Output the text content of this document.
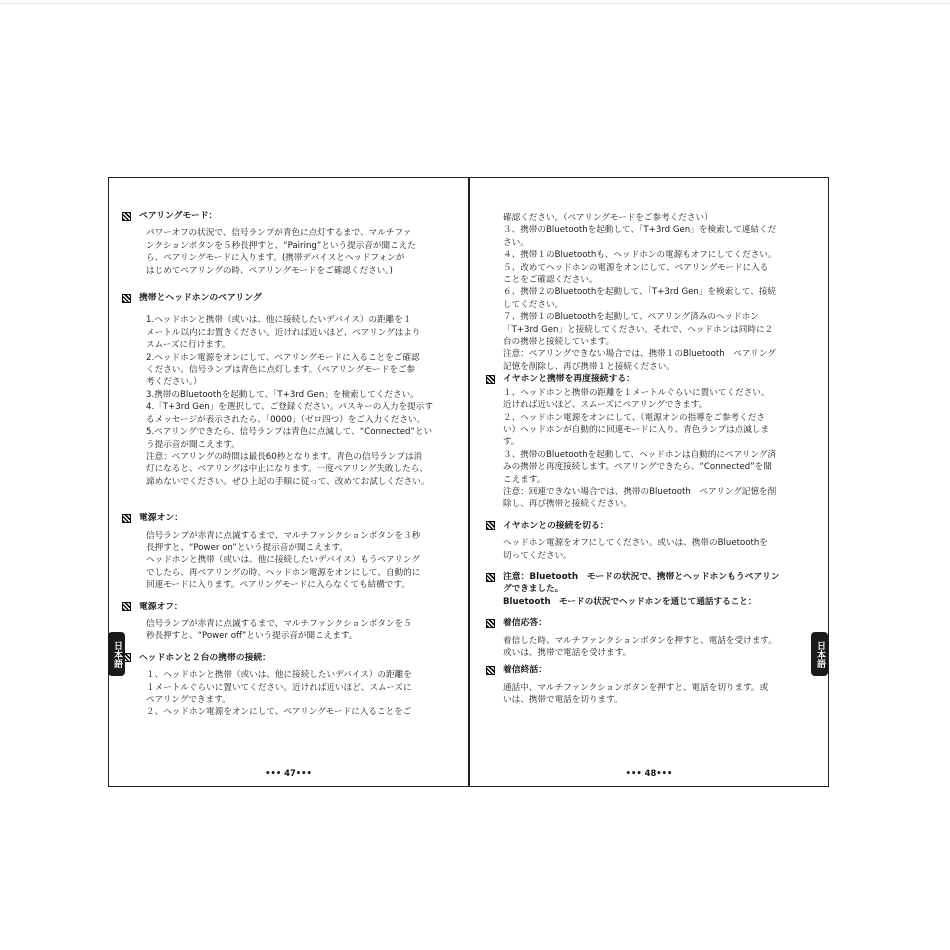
ペアリングモード：

パワーオフの状況で、信号ランプが青色に点灯するまで、マルチファ

ンクションボタンを５秒長押すと、“Pairing”という提示音が聞こえた

ら、ペアリングモードに入ります。(携帯デバイスとヘッドフォンが

はじめてペアリングの時、ペアリングモードをご確認ください。)

携帯とヘッドホンのペアリング

1.ヘッドホンと携帯（或いは、他に接続したいデバイス）の距離を１

メートル以内にお置きください。近ければ近いほど、ペアリングはより

スムーズに行けます。

2.ヘッドホン電源をオンにして、ペアリングモードに入ることをご確認

ください。信号ランプは青色に点灯します。（ペアリングモードをご参

考ください。）

3.携帯のBluetoothを起動して、「T+3rd Gen」を検索してください。

4.「T+3rd Gen」を選択して、ご登録ください。パスキーの入力を提示す

るメッセージが表示されたら、「0000」（ゼロ四つ）をご入力ください。

5.ペアリングできたら、信号ランプは青色に点滅して、“Connected”とい

う提示音が聞こえます。

注意：ペアリングの時間は最長60秒となります。青色の信号ランプは消

灯になると、ペアリングは中止になります。一度ペアリング失敗したら、

諦めないでください。ぜひ上記の手順に従って、改めてお試しください。

電源オン：

信号ランプが赤青に点滅するまで、マルチファンクションボタンを３秒

長押すと、“Power on”という提示音が聞こえます。

ヘッドホンと携帯（或いは、他に接続したいデバイス）もうペアリング

でしたら、再ペアリングの時、ヘッドホン電源をオンにして、自動的に

回連モードに入ります。ペアリングモードに入らなくても結構です。

電源オフ：

信号ランプが赤青に点滅するまで、マルチファンクションボタンを５

秒長押すと、“Power off”という提示音が聞こえます。

ヘッドホンと２台の携帯の接続：

１、ヘッドホンと携帯（或いは、他に接続したいデバイス）の距離を

１メートルぐらいに置いてください。近ければ近いほど、スムーズに

ペアリングできます。

２、ヘッドホン電源をオンにして、ペアリングモードに入ることをご

••• 47•••

確認ください。（ペアリングモードをご参考ください）

３、携帯のBluetoothを起動して、「T+3rd Gen」を検索して連結くだ

さい。

４、携帯１のBluetoothも、ヘッドホンの電源もオフにしてください。

５、改めてヘッドホンの電源をオンにして、ペアリングモードに入る

ことをご確認ください。

６、携帯２のBluetoothを起動して、「T+3rd Gen」を検索して、接続

してください。

７、携帯１のBluetoothを起動して、ペアリング済みのヘッドホン

「T+3rd Gen」と接続してください。それで、ヘッドホンは同時に２

台の携帯と接続しています。

注意：ペアリングできない場合では、携帯１のBluetooth　ペアリング

記憶を削除し、再び携帯１と接続ください。

イヤホンと携帯を再度接続する：

１、ヘッドホンと携帯の距離を１メートルぐらいに置いてください。

近ければ近いほど、スムーズにペアリングできます。

２、ヘッドホン電源をオンにして、（電源オンの指導をご参考くださ

い）ヘッドホンが自動的に回連モードに入り、青色ランプは点滅しま

す。

３、携帯のBluetoothを起動して、ヘッドホンは自動的にペアリング済

みの携帯と再度接続します。ペアリングできたら、“Connected”を聞

こえます。

注意：回連できない場合では、携帯のBluetooth　ペアリング記憶を削

除し、再び携帯と接続ください。

イヤホンとの接続を切る：

ヘッドホン電源をオフにしてください。或いは、携帯のBluetoothを

切ってください。

注意：Bluetooth　モードの状況で、携帯とヘッドホンもうペアリン

グできました。

Bluetooth　モードの状況でヘッドホンを通じて通話すること：

着信応答：

着信した時、マルチファンクションボタンを押すと、電話を受けます。

或いは、携帯で電話を受けます。

着信終話：

通話中、マルチファンクションボタンを押すと、電話を切ります。或

いは、携帯で電話を切ります。

••• 48•••
日本語	日本語
